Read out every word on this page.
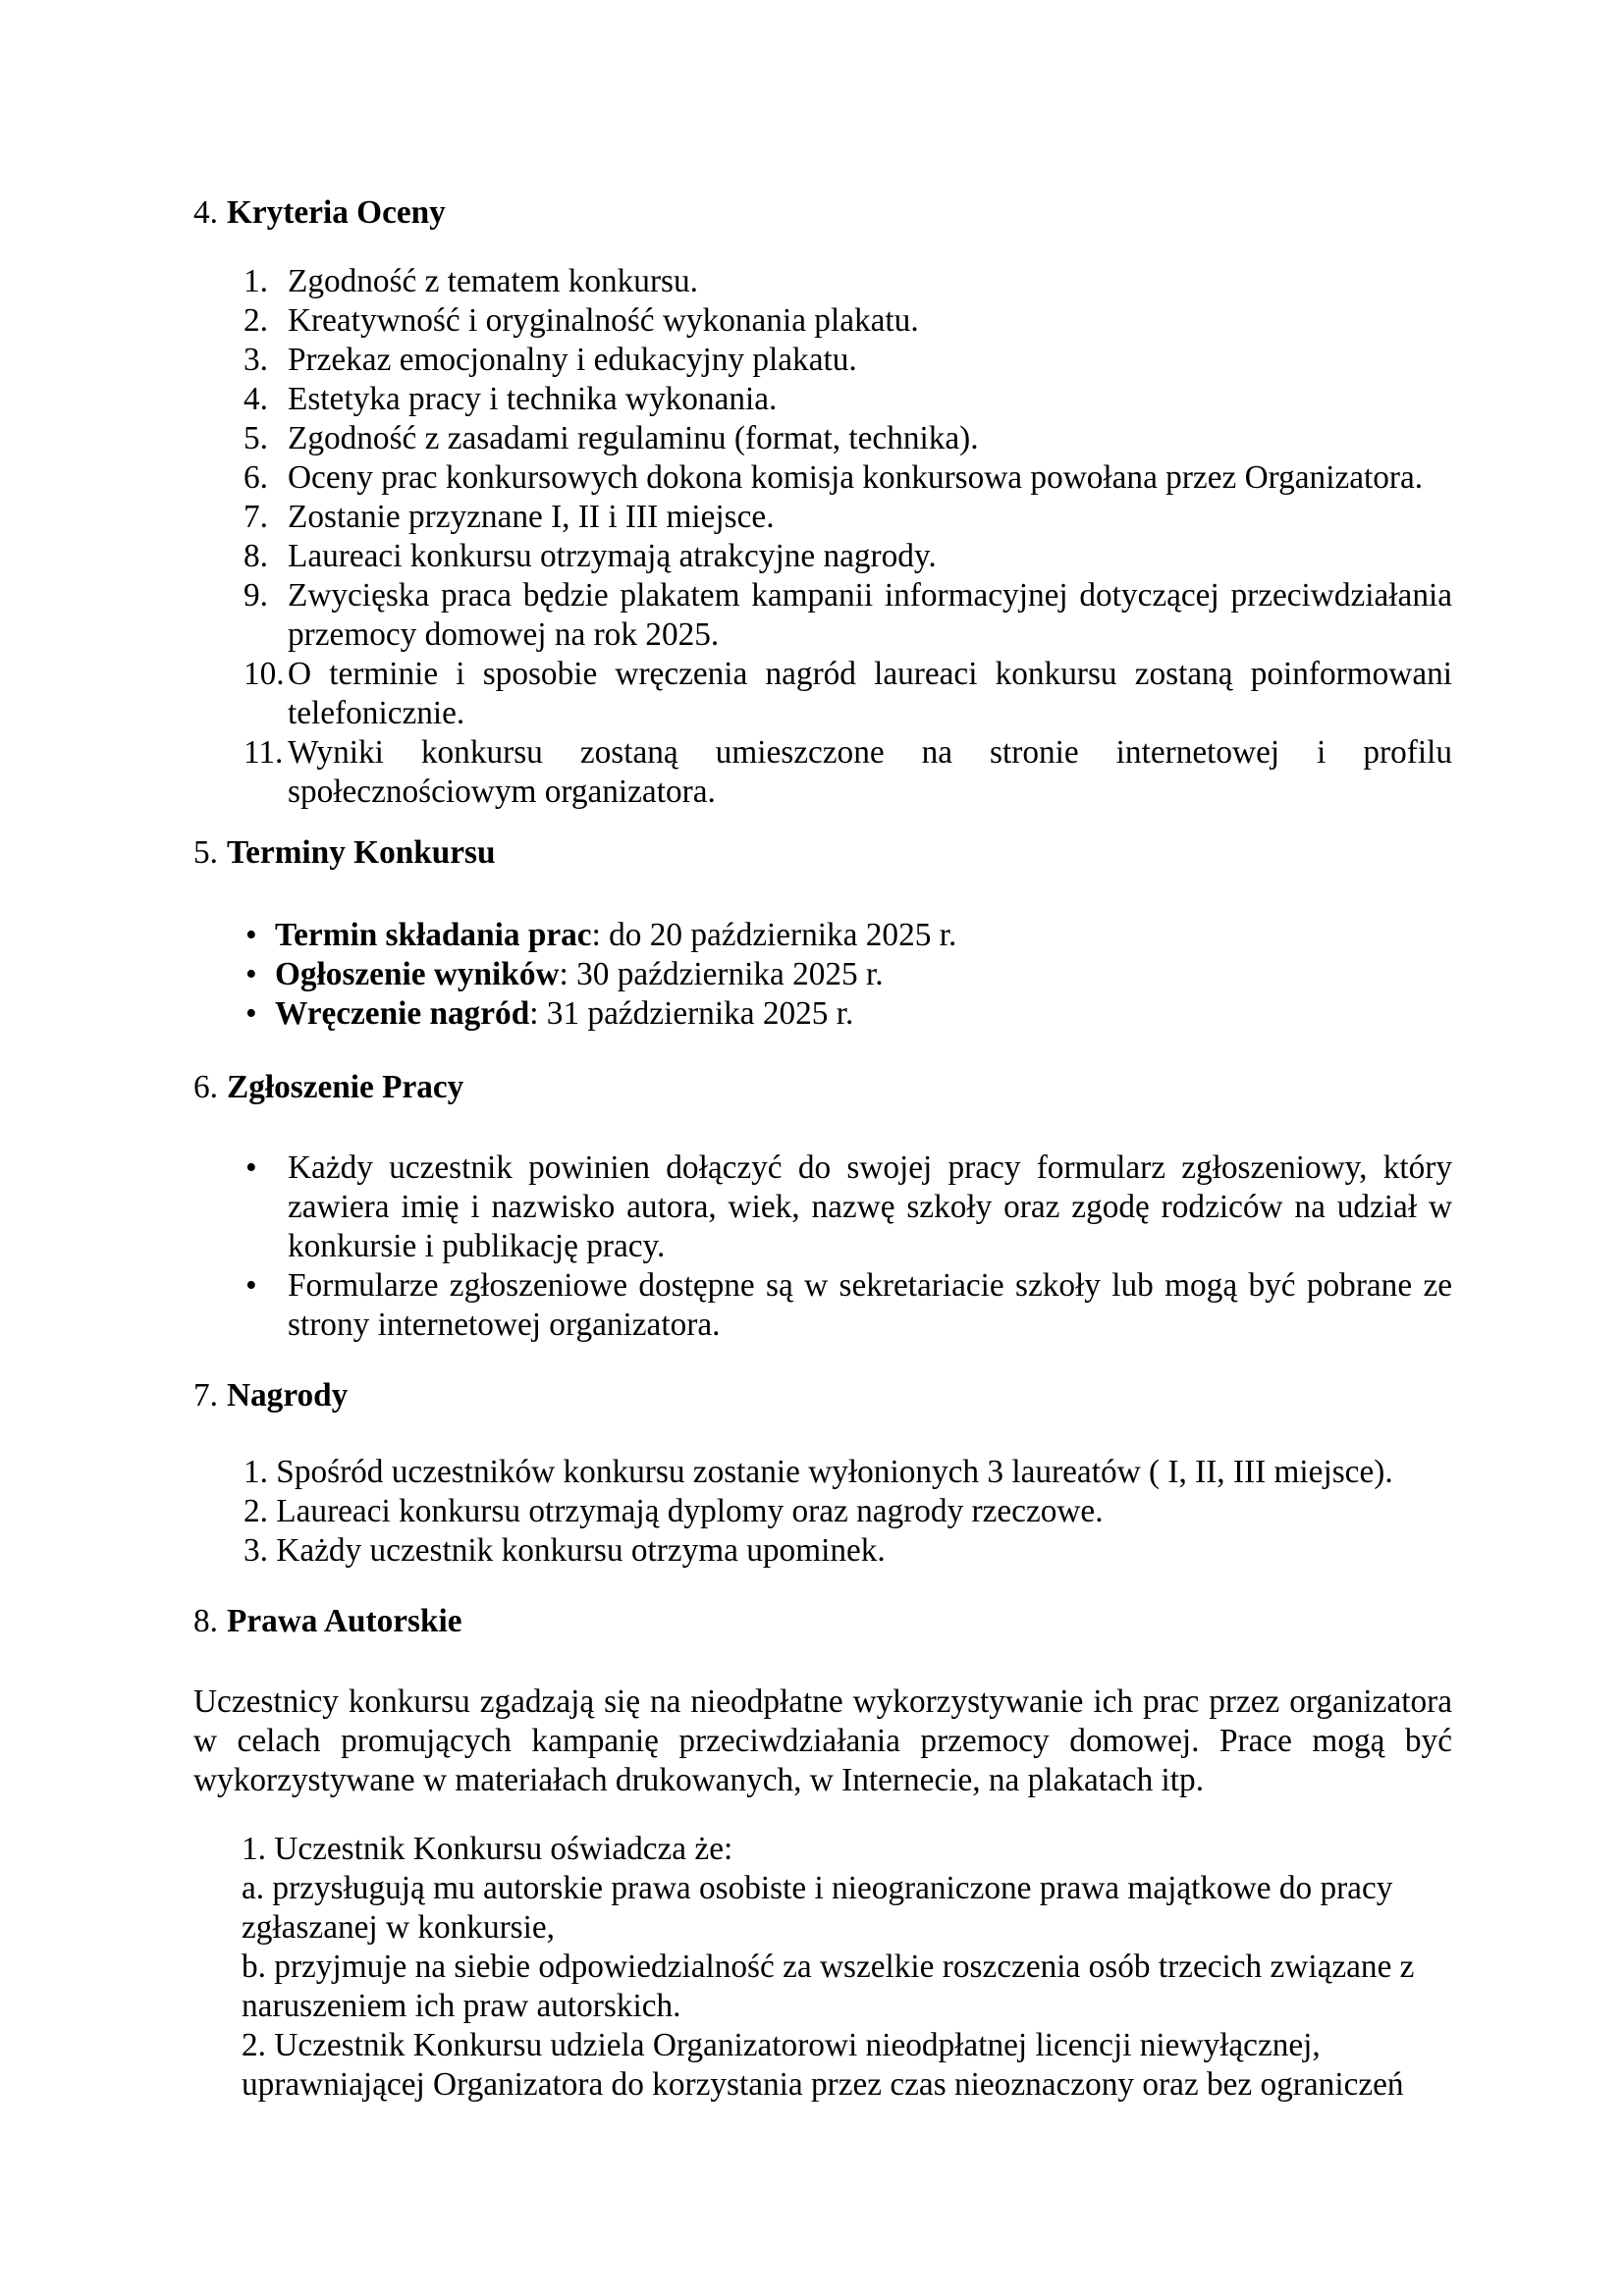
4. Kryteria Oceny
1. Zgodność z tematem konkursu.
2. Kreatywność i oryginalność wykonania plakatu.
3. Przekaz emocjonalny i edukacyjny plakatu.
4. Estetyka pracy i technika wykonania.
5. Zgodność z zasadami regulaminu (format, technika).
6. Oceny prac konkursowych dokona komisja konkursowa powołana przez Organizatora.
7. Zostanie przyznane I, II i III miejsce.
8. Laureaci konkursu otrzymają atrakcyjne nagrody.
9. Zwycięska praca będzie plakatem kampanii informacyjnej dotyczącej przeciwdziałania przemocy domowej na rok 2025.
10. O terminie i sposobie wręczenia nagród laureaci konkursu zostaną poinformowani telefonicznie.
11. Wyniki konkursu zostaną umieszczone na stronie internetowej i profilu społecznościowym organizatora.
5. Terminy Konkursu
• Termin składania prac: do 20 października 2025 r.
• Ogłoszenie wyników: 30 października 2025 r.
• Wręczenie nagród: 31 października 2025 r.
6. Zgłoszenie Pracy
• Każdy uczestnik powinien dołączyć do swojej pracy formularz zgłoszeniowy, który zawiera imię i nazwisko autora, wiek, nazwę szkoły oraz zgodę rodziców na udział w konkursie i publikację pracy.
• Formularze zgłoszeniowe dostępne są w sekretariacie szkoły lub mogą być pobrane ze strony internetowej organizatora.
7. Nagrody
1. Spośród uczestników konkursu zostanie wyłonionych 3 laureatów ( I, II, III miejsce).
2. Laureaci konkursu otrzymają dyplomy oraz nagrody rzeczowe.
3. Każdy uczestnik konkursu otrzyma upominek.
8. Prawa Autorskie
Uczestnicy konkursu zgadzają się na nieodpłatne wykorzystywanie ich prac przez organizatora w celach promujących kampanię przeciwdziałania przemocy domowej. Prace mogą być wykorzystywane w materiałach drukowanych, w Internecie, na plakatach itp.
1. Uczestnik Konkursu oświadcza że:
a. przysługują mu autorskie prawa osobiste i nieograniczone prawa majątkowe do pracy zgłaszanej w konkursie,
b. przyjmuje na siebie odpowiedzialność za wszelkie roszczenia osób trzecich związane z naruszeniem ich praw autorskich.
2. Uczestnik Konkursu udziela Organizatorowi nieodpłatnej licencji niewyłącznej, uprawniającej Organizatora do korzystania przez czas nieoznaczony oraz bez ograniczeń
